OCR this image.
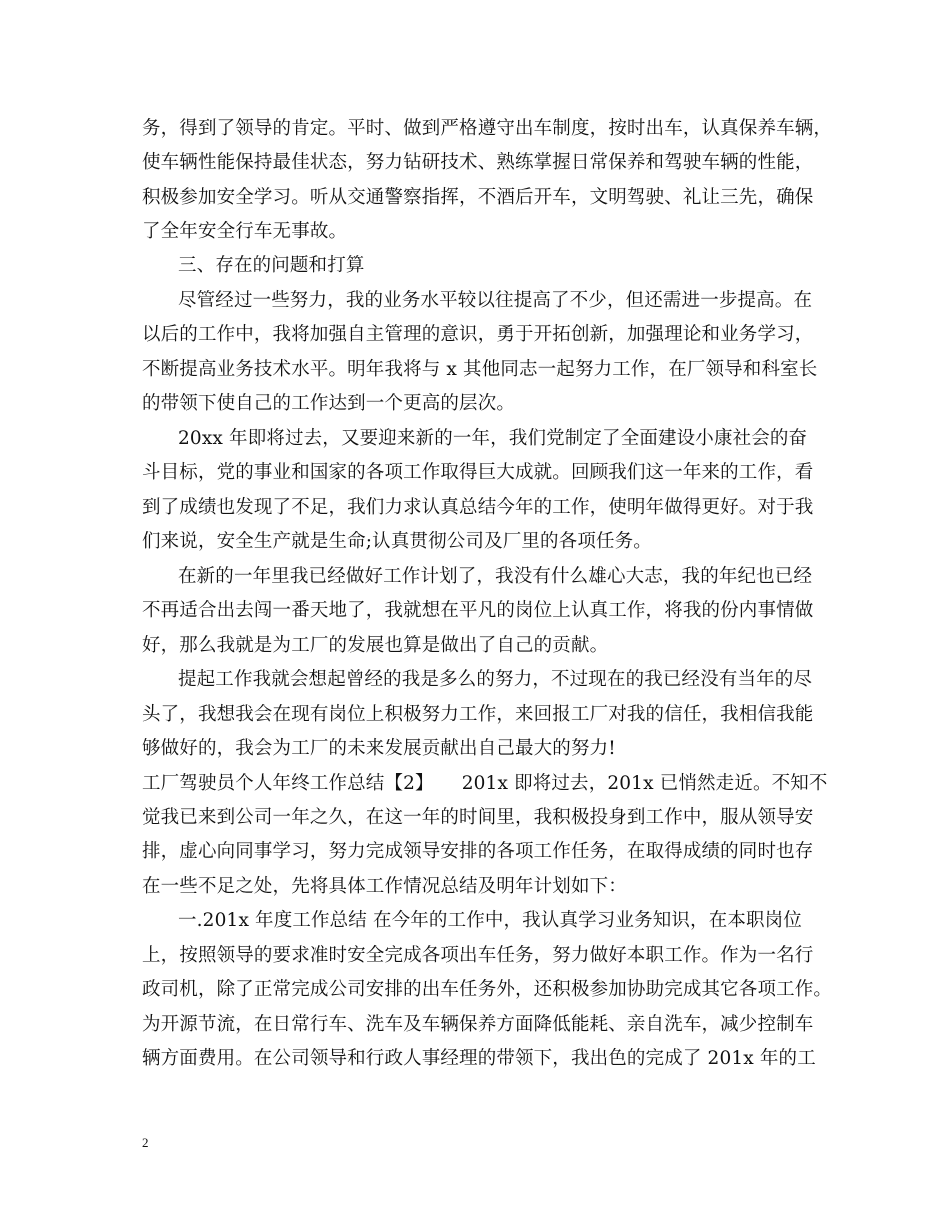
务，得到了领导的肯定。平时、做到严格遵守出车制度，按时出车，认真保养车辆，
使车辆性能保持最佳状态，努力钻研技术、熟练掌握日常保养和驾驶车辆的性能，
积极参加安全学习。听从交通警察指挥，不酒后开车，文明驾驶、礼让三先，确保
了全年安全行车无事故。
三、存在的问题和打算
尽管经过一些努力，我的业务水平较以往提高了不少，但还需进一步提高。在
以后的工作中，我将加强自主管理的意识，勇于开拓创新，加强理论和业务学习，
不断提高业务技术水平。明年我将与 x 其他同志一起努力工作，在厂领导和科室长
的带领下使自己的工作达到一个更高的层次。
20xx 年即将过去，又要迎来新的一年，我们党制定了全面建设小康社会的奋
斗目标，党的事业和国家的各项工作取得巨大成就。回顾我们这一年来的工作，看
到了成绩也发现了不足，我们力求认真总结今年的工作，使明年做得更好。对于我
们来说，安全生产就是生命;认真贯彻公司及厂里的各项任务。
在新的一年里我已经做好工作计划了，我没有什么雄心大志，我的年纪也已经
不再适合出去闯一番天地了，我就想在平凡的岗位上认真工作，将我的份内事情做
好，那么我就是为工厂的发展也算是做出了自己的贡献。
提起工作我就会想起曾经的我是多么的努力，不过现在的我已经没有当年的尽
头了，我想我会在现有岗位上积极努力工作，来回报工厂对我的信任，我相信我能
够做好的，我会为工厂的未来发展贡献出自己最大的努力!
工厂驾驶员个人年终工作总结【2】　　201x 即将过去，201x 已悄然走近。不知不
觉我已来到公司一年之久，在这一年的时间里，我积极投身到工作中，服从领导安
排，虚心向同事学习，努力完成领导安排的各项工作任务，在取得成绩的同时也存
在一些不足之处，先将具体工作情况总结及明年计划如下：
一.201x 年度工作总结 在今年的工作中，我认真学习业务知识，在本职岗位
上，按照领导的要求准时安全完成各项出车任务，努力做好本职工作。作为一名行
政司机，除了正常完成公司安排的出车任务外，还积极参加协助完成其它各项工作。
为开源节流，在日常行车、洗车及车辆保养方面降低能耗、亲自洗车，减少控制车
辆方面费用。在公司领导和行政人事经理的带领下，我出色的完成了 201x 年的工
2
